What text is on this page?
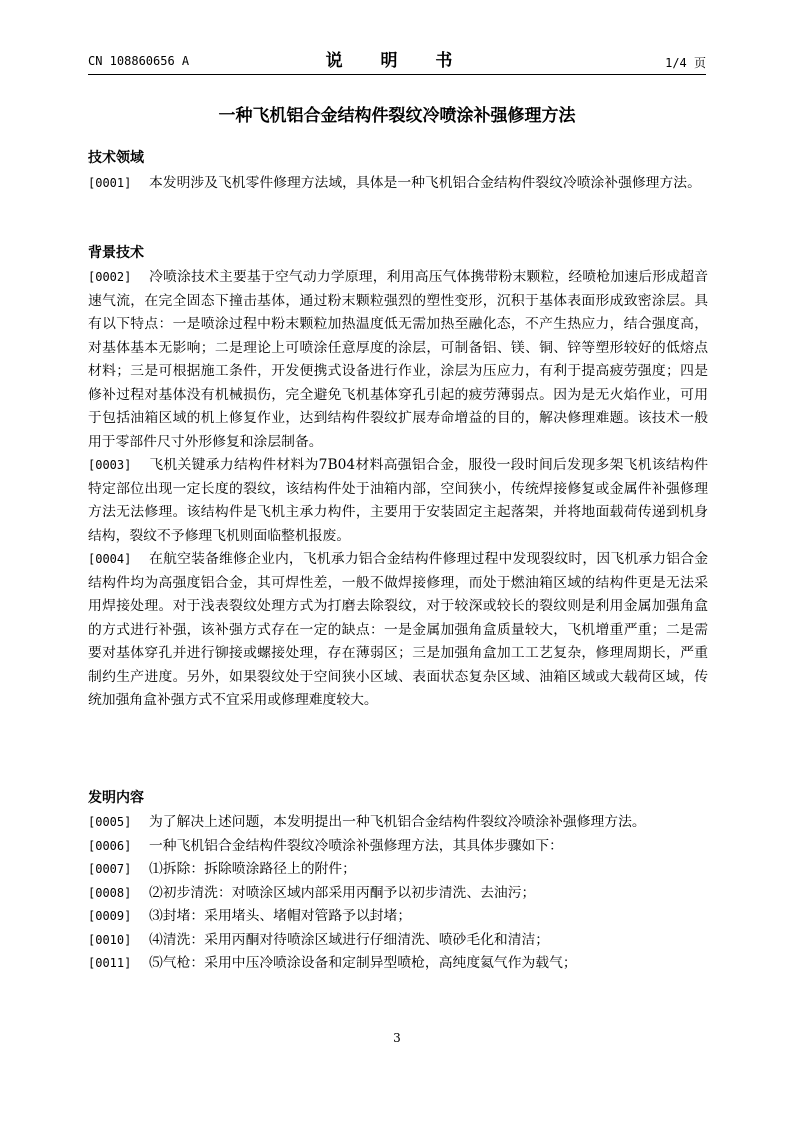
CN 108860656 A	说 明 书	1/4 页
一种飞机铝合金结构件裂纹冷喷涂补强修理方法
技术领域

[0001] 本发明涉及飞机零件修理方法域，具体是一种飞机铝合金结构件裂纹冷喷涂补强修理方法。

背景技术

[0002] 冷喷涂技术主要基于空气动力学原理，利用高压气体携带粉末颗粒，经喷枪加速后形成超音速气流，在完全固态下撞击基体，通过粉末颗粒强烈的塑性变形，沉积于基体表面形成致密涂层。具有以下特点：一是喷涂过程中粉末颗粒加热温度低无需加热至融化态，不产生热应力，结合强度高，对基体基本无影响；二是理论上可喷涂任意厚度的涂层，可制备铝、镁、铜、锌等塑形较好的低熔点材料；三是可根据施工条件，开发便携式设备进行作业，涂层为压应力，有利于提高疲劳强度；四是修补过程对基体没有机械损伤，完全避免飞机基体穿孔引起的疲劳薄弱点。因为是无火焰作业，可用于包括油箱区域的机上修复作业，达到结构件裂纹扩展寿命增益的目的，解决修理难题。该技术一般用于零部件尺寸外形修复和涂层制备。

[0003] 飞机关键承力结构件材料为7B04材料高强铝合金，服役一段时间后发现多架飞机该结构件特定部位出现一定长度的裂纹，该结构件处于油箱内部，空间狭小，传统焊接修复或金属件补强修理方法无法修理。该结构件是飞机主承力构件，主要用于安装固定主起落架，并将地面载荷传递到机身结构，裂纹不予修理飞机则面临整机报废。

[0004] 在航空装备维修企业内，飞机承力铝合金结构件修理过程中发现裂纹时，因飞机承力铝合金结构件均为高强度铝合金，其可焊性差，一般不做焊接修理，而处于燃油箱区域的结构件更是无法采用焊接处理。对于浅表裂纹处理方式为打磨去除裂纹，对于较深或较长的裂纹则是利用金属加强角盒的方式进行补强，该补强方式存在一定的缺点：一是金属加强角盒质量较大，飞机增重严重；二是需要对基体穿孔并进行铆接或螺接处理，存在薄弱区；三是加强角盒加工工艺复杂，修理周期长，严重制约生产进度。另外，如果裂纹处于空间狭小区域、表面状态复杂区域、油箱区域或大载荷区域，传统加强角盒补强方式不宜采用或修理难度较大。

发明内容

[0005] 为了解决上述问题，本发明提出一种飞机铝合金结构件裂纹冷喷涂补强修理方法。

[0006] 一种飞机铝合金结构件裂纹冷喷涂补强修理方法，其具体步骤如下：

[0007] ⑴拆除：拆除喷涂路径上的附件；

[0008] ⑵初步清洗：对喷涂区域内部采用丙酮予以初步清洗、去油污；

[0009] ⑶封堵：采用堵头、堵帽对管路予以封堵；

[0010] ⑷清洗：采用丙酮对待喷涂区域进行仔细清洗、喷砂毛化和清洁；

[0011] ⑸气枪：采用中压冷喷涂设备和定制异型喷枪，高纯度氦气作为载气；

3
